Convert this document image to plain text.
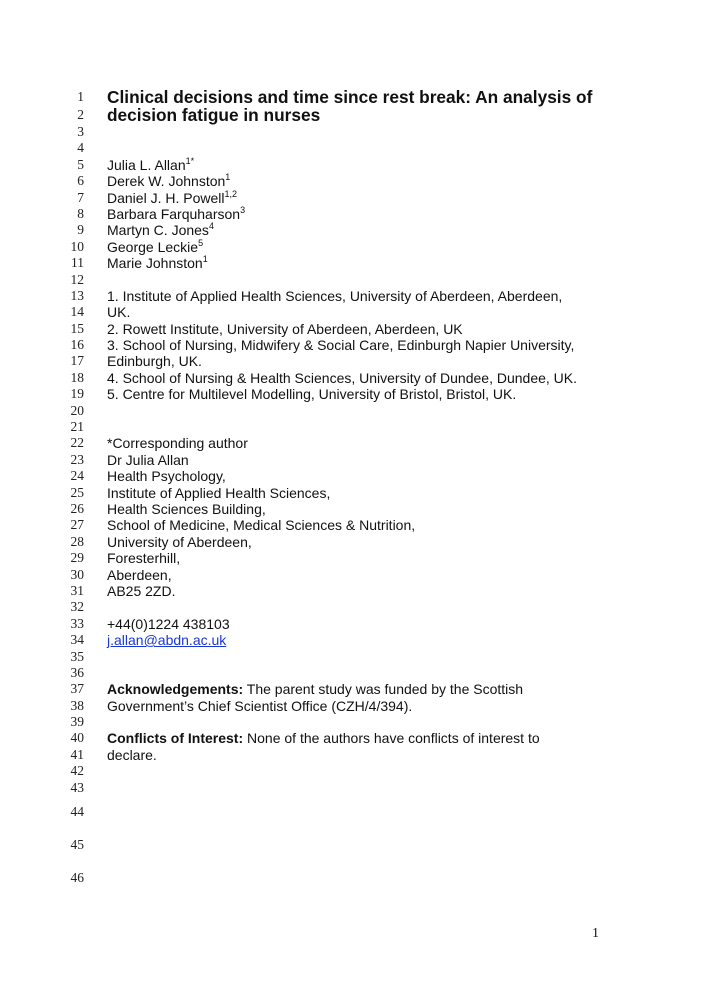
1 Clinical decisions and time since rest break: An analysis of
2 decision fatigue in nurses
3
4
5 Julia L. Allan$^{1*}$
6 Derek W. Johnston$^1$
7 Daniel J. H. Powell$^{1,2}$
8 Barbara Farquharson$^3$
9 Martyn C. Jones$^4$
10 George Leckie$^5$
11 Marie Johnston$^1$
12
13 1. Institute of Applied Health Sciences, University of Aberdeen, Aberdeen,
14 UK.
15 2. Rowett Institute, University of Aberdeen, Aberdeen, UK
16 3. School of Nursing, Midwifery & Social Care, Edinburgh Napier University,
17 Edinburgh, UK.
18 4. School of Nursing & Health Sciences, University of Dundee, Dundee, UK.
19 5. Centre for Multilevel Modelling, University of Bristol, Bristol, UK.
20
21
22 *Corresponding author
23 Dr Julia Allan
24 Health Psychology,
25 Institute of Applied Health Sciences,
26 Health Sciences Building,
27 School of Medicine, Medical Sciences & Nutrition,
28 University of Aberdeen,
29 Foresterhill,
30 Aberdeen,
31 AB25 2ZD.
32
33 +44(0)1224 438103
34 j.allan@abdn.ac.uk
35
36
37 Acknowledgements: The parent study was funded by the Scottish
38 Government’s Chief Scientist Office (CZH/4/394).
39
40 Conflicts of Interest: None of the authors have conflicts of interest to
41 declare.
42
43
44
45
46
1
